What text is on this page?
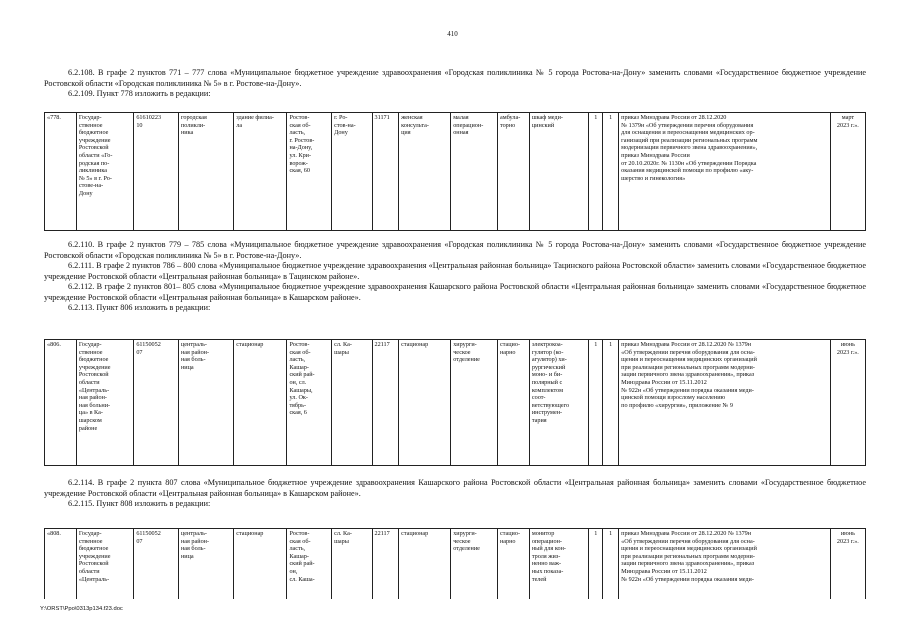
410

6.2.108. В графе 2 пунктов 771 – 777 слова «Муниципальное бюджетное учреждение здравоохранения «Городская поликлиника № 5 города Ростова-на-Дону» заменить словами «Государственное бюджетное учреждение Ростовской области «Городская поликлиника № 5» в г. Ростове-на-Дону».

6.2.109. Пункт 778 изложить в редакции:

«778.	Государ-
ственное
бюджетное
учреждение
Ростовской
области «Го-
родская по-
ликлиника
№ 5» в г. Ро-
стове-на-
Дону	61610223
10	городская
поликли-
ника	здание филиа-
ла	Ростов-
ская об-
ласть,
г. Ростов-
на-Дону,
ул. Кри-
ворож-
ская, 60	г. Ро-
стов-на-
Дону	31171	женская
консульта-
ция	малая
операцион-
онная	амбула-
торно	шкаф меди-
цинский	1	1	приказ Минздрава России от 28.12.2020
№ 1379н «Об утверждении перечня оборудования
для оснащения и переоснащения медицинских ор-
ганизаций при реализации региональных программ
модернизации первичного звена здравоохранения»,
приказ Минздрава России
от 20.10.2020г. № 1130н «Об утверждении Порядка
оказания медицинской помощи по профилю «аку-
шерство и гинекология»	март
2023 г.».

6.2.110. В графе 2 пунктов 779 – 785 слова «Муниципальное бюджетное учреждение здравоохранения «Городская поликлиника № 5 города Ростова-на-Дону» заменить словами «Государственное бюджетное учреждение Ростовской области «Городская поликлиника № 5» в г. Ростове-на-Дону».

6.2.111. В графе 2 пунктов 786 – 800 слова «Муниципальное бюджетное учреждение здравоохранения «Центральная районная больница» Тацинского района Ростовской области» заменить словами «Государственное бюджетное учреждение Ростовской области «Центральная районная больница» в Тацинском районе».

6.2.112. В графе 2 пунктов 801– 805 слова «Муниципальное бюджетное учреждение здравоохранения Кашарского района Ростовской области «Центральная районная больница» заменить словами «Государственное бюджетное учреждение Ростовской области «Центральная районная больница» в Кашарском районе».

6.2.113. Пункт 806 изложить в редакции:

«806.	Государ-
ственное
бюджетное
учреждение
Ростовской
области
«Централь-
ная район-
ная больни-
ца» в Ка-
шарском
районе	61150052
07	централь-
ная район-
ная боль-
ница	стационар	Ростов-
ская об-
ласть,
Кашар-
ский рай-
он, сл.
Кашары,
ул. Ок-
тябрь-
ская, 6	сл. Ка-
шары	22117	стационар	хирурги-
ческое
отделение	стацио-
нарно	электрокоа-
гулятор (ко-
агулятор) хи-
рургический
моно- и би-
полярный с
комплектом
соот-
ветствующего
инструмен-
тария	1	1	приказ Минздрава России от 28.12.2020 № 1379н
«Об утверждении перечня оборудования для осна-
щения и переоснащения медицинских организаций
при реализации региональных программ модерни-
зации первичного звена здравоохранения», приказ
Минздрава России от 15.11.2012
№ 922н «Об утверждении порядка оказания меди-
цинской помощи взрослому населению
по профилю «хирургия», приложение № 9	июнь
2023 г.».

6.2.114. В графе 2 пункта 807 слова «Муниципальное бюджетное учреждение здравоохранения Кашарского района Ростовской области «Центральная районная больница» заменить словами «Государственное бюджетное учреждение Ростовской области «Центральная районная больница» в Кашарском районе».

6.2.115. Пункт 808 изложить в редакции:

«808.	Государ-
ственное
бюджетное
учреждение
Ростовской
области
«Централь-	61150052
07	централь-
ная район-
ная боль-
ница	стационар	Ростов-
ская об-
ласть,
Кашар-
ский рай-
он,
сл. Каша-	сл. Ка-
шары	22117	стационар	хирурги-
ческое
отделение	стацио-
нарно	монитор
операцион-
ный для кон-
троля жиз-
ненно важ-
ных показа-
телей	1	1	приказ Минздрава России от 28.12.2020 № 1379н
«Об утверждении перечня оборудования для осна-
щения и переоснащения медицинских организаций
при реализации региональных программ модерни-
зации первичного звена здравоохранения», приказ
Минздрава России от 15.11.2012
№ 922н «Об утверждении порядка оказания меди-	июнь
2023 г.».
Y:\ORST\Ppo\0313p134.f23.doc
